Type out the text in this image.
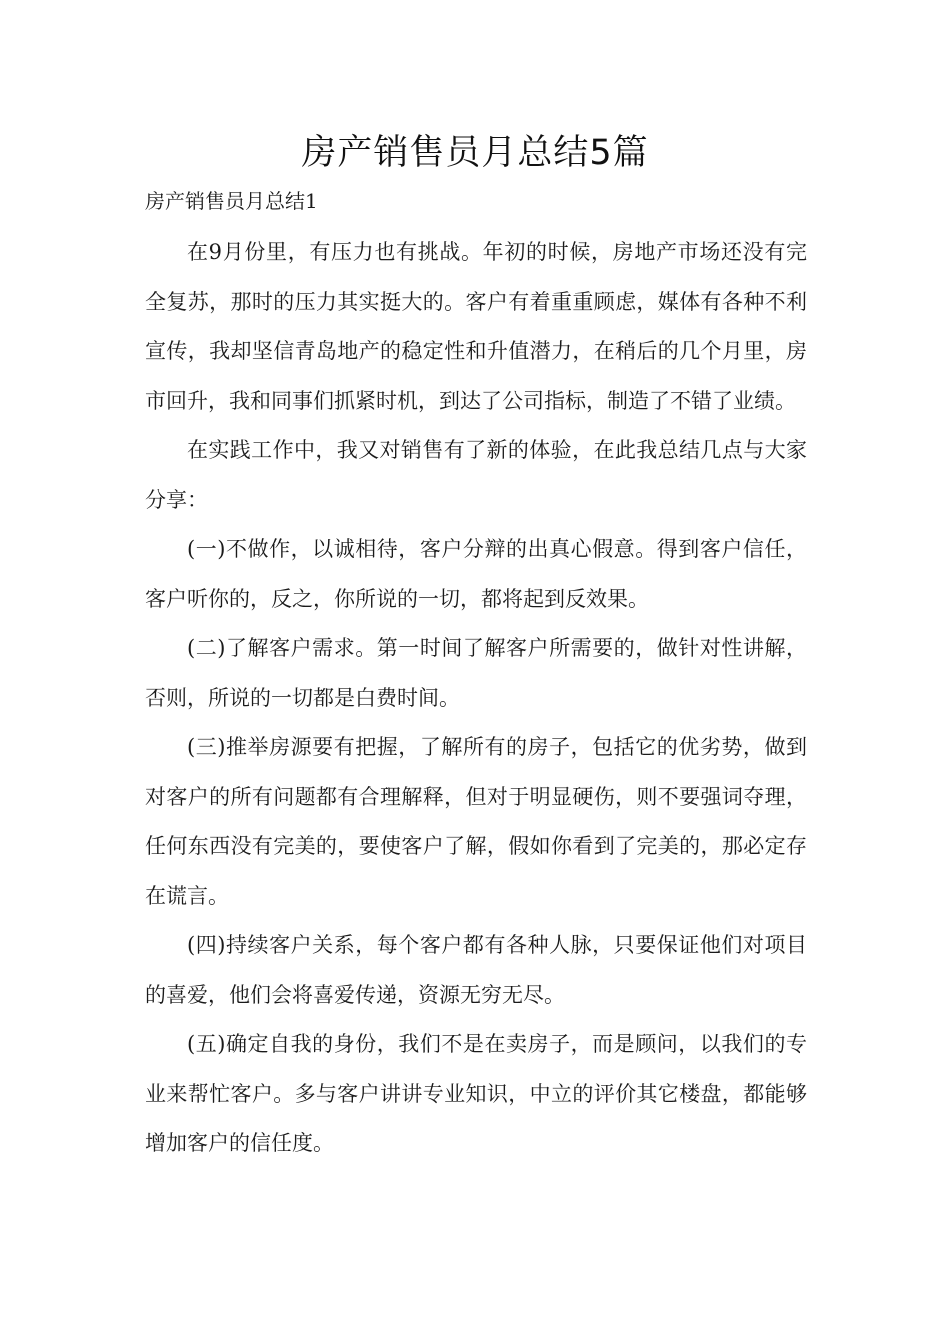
房产销售员月总结5篇

房产销售员月总结1

在9月份里，有压力也有挑战。年初的时候，房地产市场还没有完全复苏，那时的压力其实挺大的。客户有着重重顾虑，媒体有各种不利宣传，我却坚信青岛地产的稳定性和升值潜力，在稍后的几个月里，房市回升，我和同事们抓紧时机，到达了公司指标，制造了不错了业绩。

在实践工作中，我又对销售有了新的体验，在此我总结几点与大家分享：

(一)不做作，以诚相待，客户分辩的出真心假意。得到客户信任，客户听你的，反之，你所说的一切，都将起到反效果。

(二)了解客户需求。第一时间了解客户所需要的，做针对性讲解，否则，所说的一切都是白费时间。

(三)推举房源要有把握，了解所有的房子，包括它的优劣势，做到对客户的所有问题都有合理解释，但对于明显硬伤，则不要强词夺理，任何东西没有完美的，要使客户了解，假如你看到了完美的，那必定存在谎言。

(四)持续客户关系，每个客户都有各种人脉，只要保证他们对项目的喜爱，他们会将喜爱传递，资源无穷无尽。

(五)确定自我的身份，我们不是在卖房子，而是顾问，以我们的专业来帮忙客户。多与客户讲讲专业知识，中立的评价其它楼盘，都能够增加客户的信任度。
